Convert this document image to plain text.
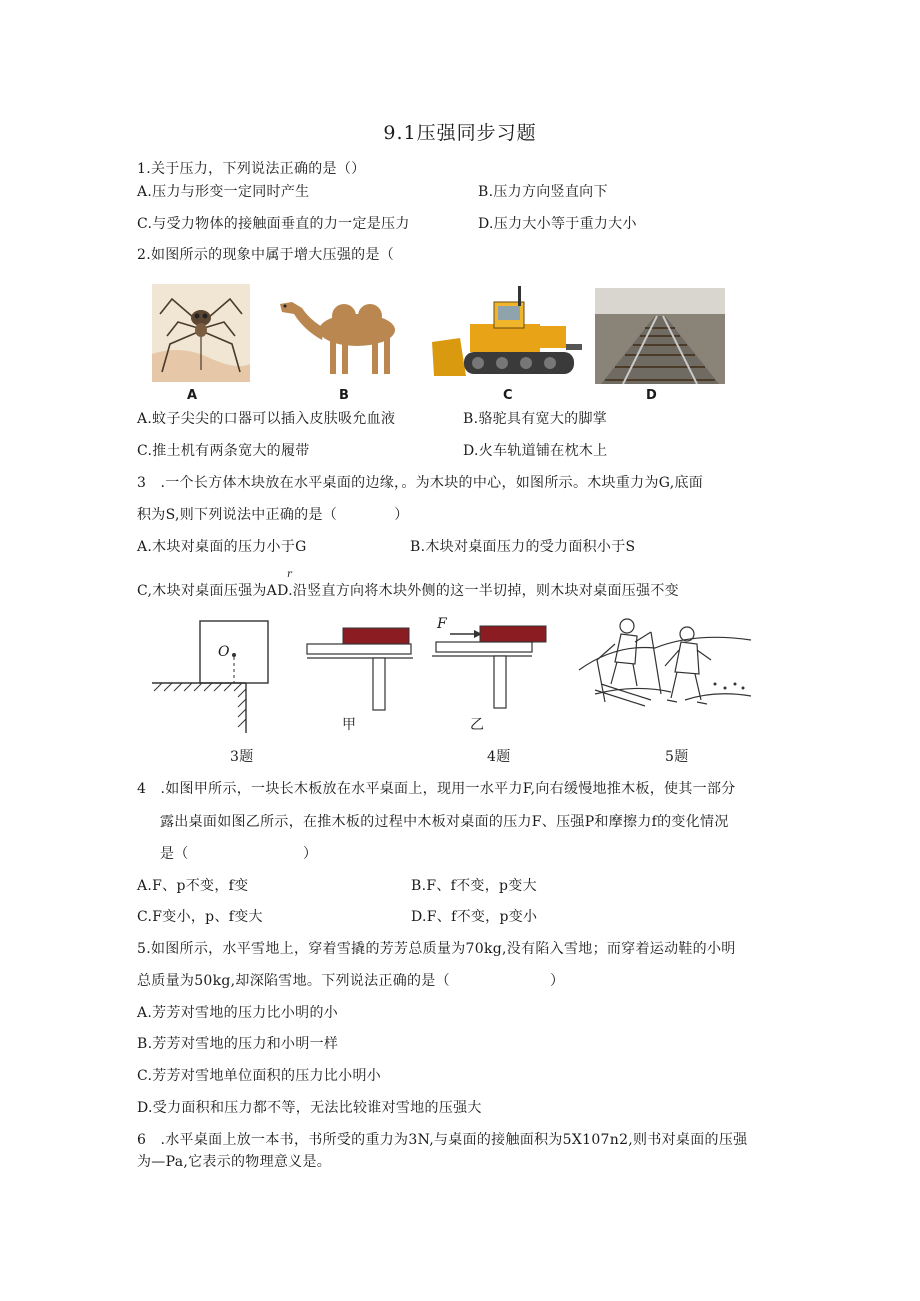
9.1压强同步习题
1.关于压力，下列说法正确的是（）
A.压力与形变一定同时产生	B.压力方向竖直向下
C.与受力物体的接触面垂直的力一定是压力	D.压力大小等于重力大小
2.如图所示的现象中属于增大压强的是（
A	B	C	D
A.蚊子尖尖的口器可以插入皮肤吸允血液	B.骆驼具有宽大的脚掌
C.推土机有两条宽大的履带	D.火车轨道铺在枕木上
3　.一个长方体木块放在水平桌面的边缘，。为木块的中心，如图所示。木块重力为G,底面
积为S,则下列说法中正确的是（　　　　）
A.木块对桌面的压力小于G	B.木块对桌面压力的受力面积小于S
r
C,木块对桌面压强为AD.沿竖直方向将木块外侧的这一半切掉，则木块对桌面压强不变
O
甲
F
乙
3题	4题	5题
4　.如图甲所示，一块长木板放在水平桌面上，现用一水平力F,向右缓慢地推木板，使其一部分
露出桌面如图乙所示，在推木板的过程中木板对桌面的压力F、压强P和摩擦力f的变化情况
是（　　　　　　　　）
A.F、p不变，f变	B.F、f不变，p变大
C.F变小，p、f变大	D.F、f不变，p变小
5.如图所示，水平雪地上，穿着雪撬的芳芳总质量为70kg,没有陷入雪地；而穿着运动鞋的小明
总质量为50kg,却深陷雪地。下列说法正确的是（　　　　　　　）
A.芳芳对雪地的压力比小明的小
B.芳芳对雪地的压力和小明一样
C.芳芳对雪地单位面积的压力比小明小
D.受力面积和压力都不等，无法比较谁对雪地的压强大
6　.水平桌面上放一本书，书所受的重力为3N,与桌面的接触面积为5X107n2,则书对桌面的压强
为—Pa,它表示的物理意义是。
